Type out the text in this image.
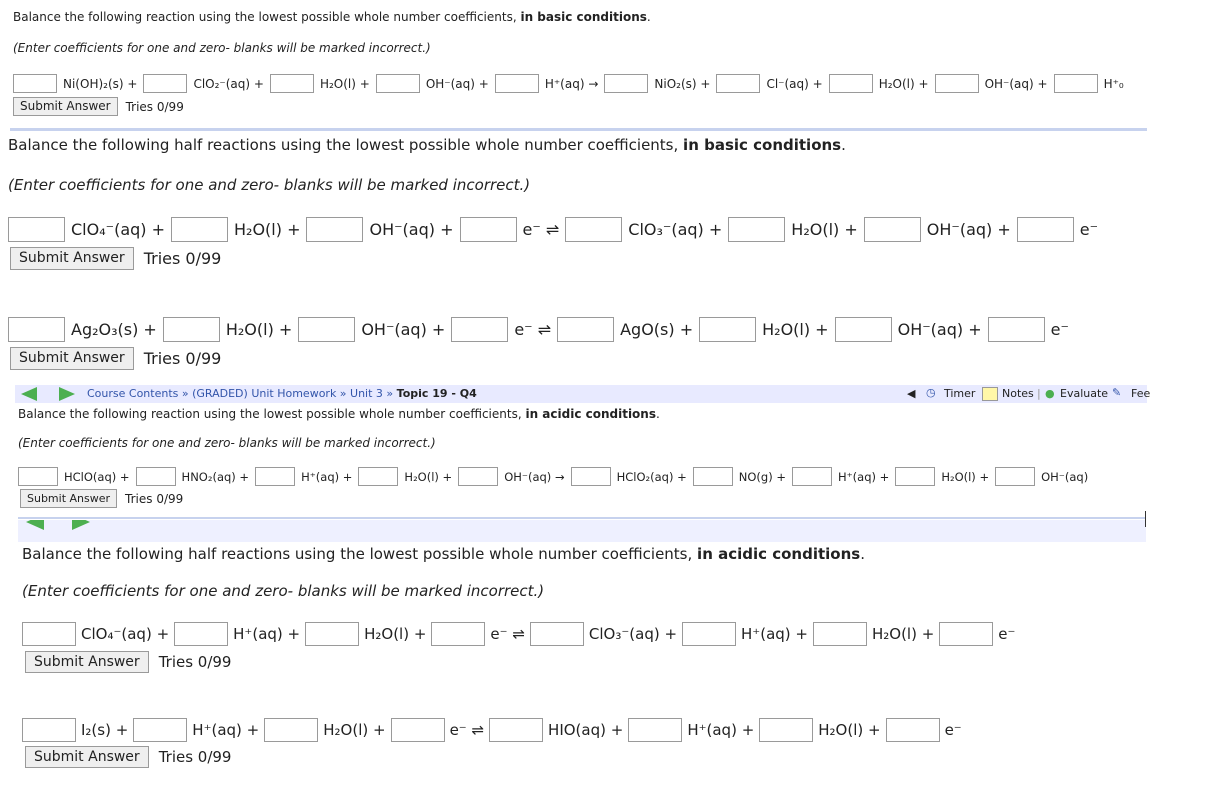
Balance the following reaction using the lowest possible whole number coefficients, in basic conditions.
(Enter coefficients for one and zero- blanks will be marked incorrect.)
Ni(OH)₂(s) +	ClO₂⁻(aq) +	H₂O(l) +	OH⁻(aq) +	H⁺(aq) →	NiO₂(s) +	Cl⁻(aq) +	H₂O(l) +	OH⁻(aq) +	H⁺₀
Submit Answer	Tries 0/99
Balance the following half reactions using the lowest possible whole number coefficients, in basic conditions.
(Enter coefficients for one and zero- blanks will be marked incorrect.)
ClO₄⁻(aq) +	H₂O(l) +	OH⁻(aq) +	e⁻ ⇌	ClO₃⁻(aq) +	H₂O(l) +	OH⁻(aq) +	e⁻
Submit Answer	Tries 0/99
Ag₂O₃(s) +	H₂O(l) +	OH⁻(aq) +	e⁻ ⇌	AgO(s) +	H₂O(l) +	OH⁻(aq) +	e⁻
Submit Answer	Tries 0/99
Course Contents » (GRADED) Unit Homework » Unit 3 » Topic 19 - Q4	◀ ◷ Timer Notes | ● Evaluate ✎ Fee
Balance the following reaction using the lowest possible whole number coefficients, in acidic conditions.
(Enter coefficients for one and zero- blanks will be marked incorrect.)
HClO(aq) +	HNO₂(aq) +	H⁺(aq) +	H₂O(l) +	OH⁻(aq) →	HClO₂(aq) +	NO(g) +	H⁺(aq) +	H₂O(l) +	OH⁻(aq)
Submit Answer	Tries 0/99
Balance the following half reactions using the lowest possible whole number coefficients, in acidic conditions.
(Enter coefficients for one and zero- blanks will be marked incorrect.)
ClO₄⁻(aq) +	H⁺(aq) +	H₂O(l) +	e⁻ ⇌	ClO₃⁻(aq) +	H⁺(aq) +	H₂O(l) +	e⁻
Submit Answer	Tries 0/99
I₂(s) +	H⁺(aq) +	H₂O(l) +	e⁻ ⇌	HIO(aq) +	H⁺(aq) +	H₂O(l) +	e⁻
Submit Answer	Tries 0/99
